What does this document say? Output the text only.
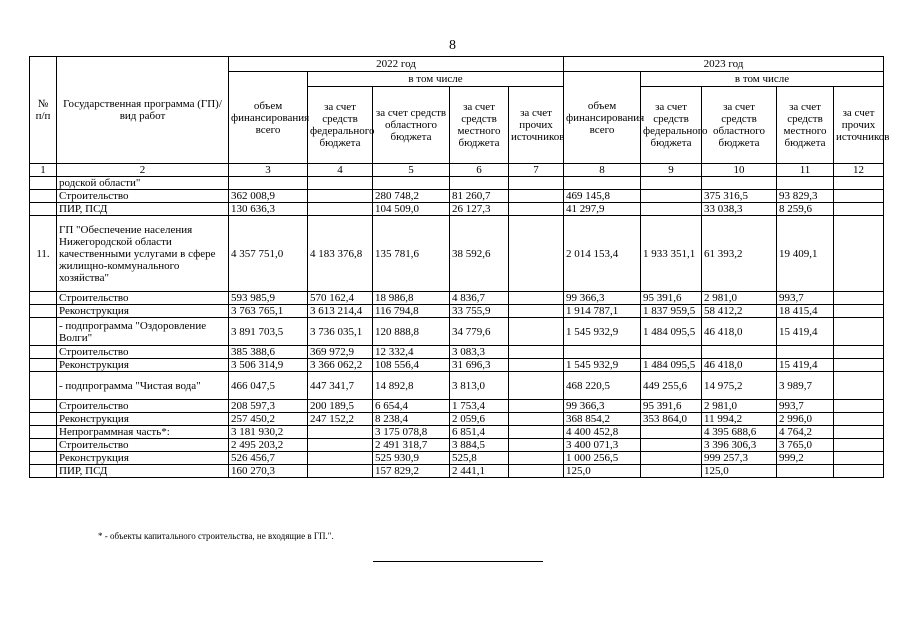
8
№ п/п	Государственная программа (ГП)/ вид работ	2022 год					2023 год				
		объем финансирования всего	в том числе				объем финансирования всего	в том числе			
			за счет средств федерального бюджета	за счет средств областного бюджета	за счет средств местного бюджета	за счет прочих источников		за счет средств федерального бюджета	за счет средств областного бюджета	за счет средств местного бюджета	за счет прочих источников
1	2	3	4	5	6	7	8	9	10	11	12
	родской области"										
	Строительство	362 008,9		280 748,2	81 260,7		469 145,8		375 316,5	93 829,3	
	ПИР, ПСД	130 636,3		104 509,0	26 127,3		41 297,9		33 038,3	8 259,6	
11.	ГП "Обеспечение населения Нижегородской области качественными услугами в сфере жилищно-коммунального хозяйства"	4 357 751,0	4 183 376,8	135 781,6	38 592,6		2 014 153,4	1 933 351,1	61 393,2	19 409,1	
	Строительство	593 985,9	570 162,4	18 986,8	4 836,7		99 366,3	95 391,6	2 981,0	993,7	
	Реконструкция	3 763 765,1	3 613 214,4	116 794,8	33 755,9		1 914 787,1	1 837 959,5	58 412,2	18 415,4	
	- подпрограмма "Оздоровление Волги"	3 891 703,5	3 736 035,1	120 888,8	34 779,6		1 545 932,9	1 484 095,5	46 418,0	15 419,4	
	Строительство	385 388,6	369 972,9	12 332,4	3 083,3						
	Реконструкция	3 506 314,9	3 366 062,2	108 556,4	31 696,3		1 545 932,9	1 484 095,5	46 418,0	15 419,4	
	- подпрограмма "Чистая вода"	466 047,5	447 341,7	14 892,8	3 813,0		468 220,5	449 255,6	14 975,2	3 989,7	
	Строительство	208 597,3	200 189,5	6 654,4	1 753,4		99 366,3	95 391,6	2 981,0	993,7	
	Реконструкция	257 450,2	247 152,2	8 238,4	2 059,6		368 854,2	353 864,0	11 994,2	2 996,0	
	Непрограммная часть*:	3 181 930,2		3 175 078,8	6 851,4		4 400 452,8		4 395 688,6	4 764,2	
	Строительство	2 495 203,2		2 491 318,7	3 884,5		3 400 071,3		3 396 306,3	3 765,0	
	Реконструкция	526 456,7		525 930,9	525,8		1 000 256,5		999 257,3	999,2	
	ПИР, ПСД	160 270,3		157 829,2	2 441,1		125,0		125,0		
* - объекты капитального строительства, не входящие в ГП.".
